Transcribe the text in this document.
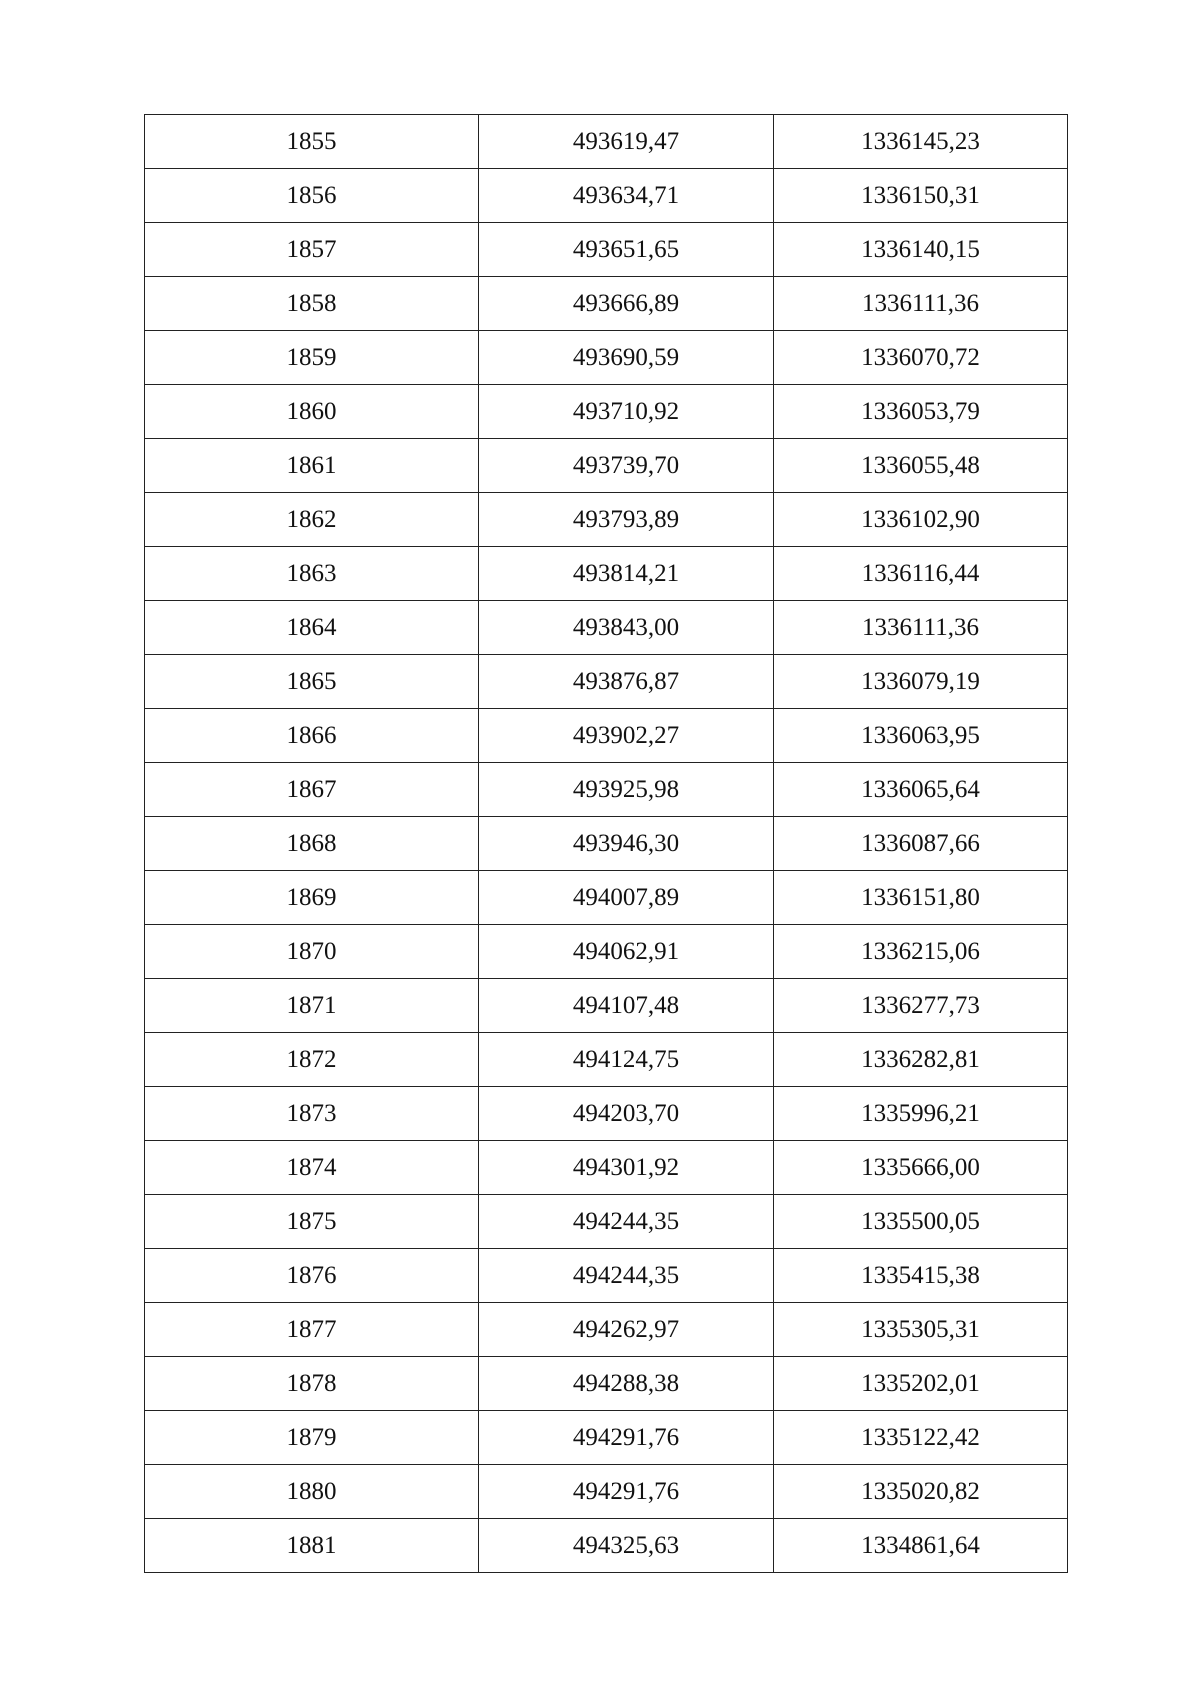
1855	493619,47	1336145,23
1856	493634,71	1336150,31
1857	493651,65	1336140,15
1858	493666,89	1336111,36
1859	493690,59	1336070,72
1860	493710,92	1336053,79
1861	493739,70	1336055,48
1862	493793,89	1336102,90
1863	493814,21	1336116,44
1864	493843,00	1336111,36
1865	493876,87	1336079,19
1866	493902,27	1336063,95
1867	493925,98	1336065,64
1868	493946,30	1336087,66
1869	494007,89	1336151,80
1870	494062,91	1336215,06
1871	494107,48	1336277,73
1872	494124,75	1336282,81
1873	494203,70	1335996,21
1874	494301,92	1335666,00
1875	494244,35	1335500,05
1876	494244,35	1335415,38
1877	494262,97	1335305,31
1878	494288,38	1335202,01
1879	494291,76	1335122,42
1880	494291,76	1335020,82
1881	494325,63	1334861,64
